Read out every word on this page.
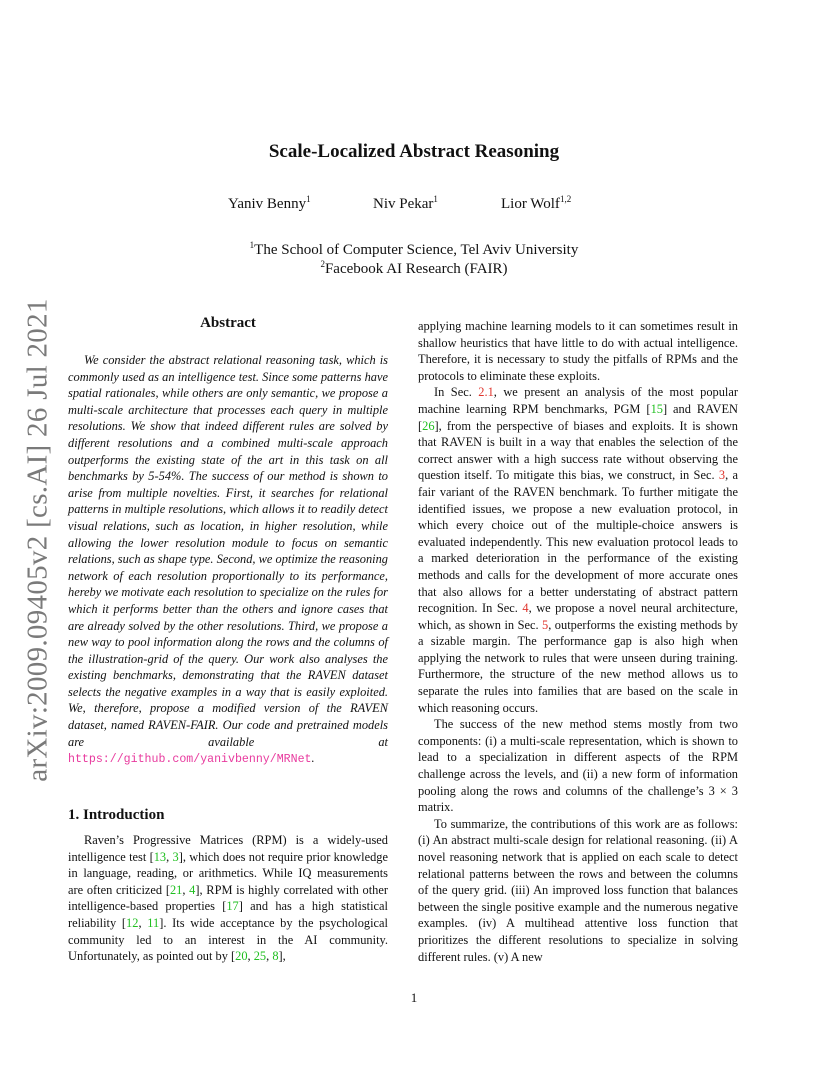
arXiv:2009.09405v2 [cs.AI] 26 Jul 2021
Scale-Localized Abstract Reasoning
Yaniv Benny$^1$	Niv Pekar$^1$	Lior Wolf$^{1,2}$
$^1$The School of Computer Science, Tel Aviv University
$^2$Facebook AI Research (FAIR)
Abstract

We consider the abstract relational reasoning task, which is commonly used as an intelligence test. Since some patterns have spatial rationales, while others are only semantic, we propose a multi-scale architecture that processes each query in multiple resolutions. We show that indeed different rules are solved by different resolutions and a combined multi-scale approach outperforms the existing state of the art in this task on all benchmarks by 5-54%. The success of our method is shown to arise from multiple novelties. First, it searches for relational patterns in multiple resolutions, which allows it to readily detect visual relations, such as location, in higher resolution, while allowing the lower resolution module to focus on semantic relations, such as shape type. Second, we optimize the reasoning network of each resolution proportionally to its performance, hereby we motivate each resolution to specialize on the rules for which it performs better than the others and ignore cases that are already solved by the other resolutions. Third, we propose a new way to pool information along the rows and the columns of the illustration-grid of the query. Our work also analyses the existing benchmarks, demonstrating that the RAVEN dataset selects the negative examples in a way that is easily exploited. We, therefore, propose a modified version of the RAVEN dataset, named RAVEN-FAIR. Our code and pretrained models are available at https://github.com/yanivbenny/MRNet.

1. Introduction

Raven’s Progressive Matrices (RPM) is a widely-used intelligence test [13, 3], which does not require prior knowledge in language, reading, or arithmetics. While IQ measurements are often criticized [21, 4], RPM is highly correlated with other intelligence-based properties [17] and has a high statistical reliability [12, 11]. Its wide acceptance by the psychological community led to an interest in the AI community. Unfortunately, as pointed out by [20, 25, 8],

applying machine learning models to it can sometimes result in shallow heuristics that have little to do with actual intelligence. Therefore, it is necessary to study the pitfalls of RPMs and the protocols to eliminate these exploits.

In Sec. 2.1, we present an analysis of the most popular machine learning RPM benchmarks, PGM [15] and RAVEN [26], from the perspective of biases and exploits. It is shown that RAVEN is built in a way that enables the selection of the correct answer with a high success rate without observing the question itself. To mitigate this bias, we construct, in Sec. 3, a fair variant of the RAVEN benchmark. To further mitigate the identified issues, we propose a new evaluation protocol, in which every choice out of the multiple-choice answers is evaluated independently. This new evaluation protocol leads to a marked deterioration in the performance of the existing methods and calls for the development of more accurate ones that also allows for a better understating of abstract pattern recognition. In Sec. 4, we propose a novel neural architecture, which, as shown in Sec. 5, outperforms the existing methods by a sizable margin. The performance gap is also high when applying the network to rules that were unseen during training. Furthermore, the structure of the new method allows us to separate the rules into families that are based on the scale in which reasoning occurs.

The success of the new method stems mostly from two components: (i) a multi-scale representation, which is shown to lead to a specialization in different aspects of the RPM challenge across the levels, and (ii) a new form of information pooling along the rows and columns of the challenge’s 3 × 3 matrix.

To summarize, the contributions of this work are as follows: (i) An abstract multi-scale design for relational reasoning. (ii) A novel reasoning network that is applied on each scale to detect relational patterns between the rows and between the columns of the query grid. (iii) An improved loss function that balances between the single positive example and the numerous negative examples. (iv) A multihead attentive loss function that prioritizes the different resolutions to specialize in solving different rules. (v) A new

1
